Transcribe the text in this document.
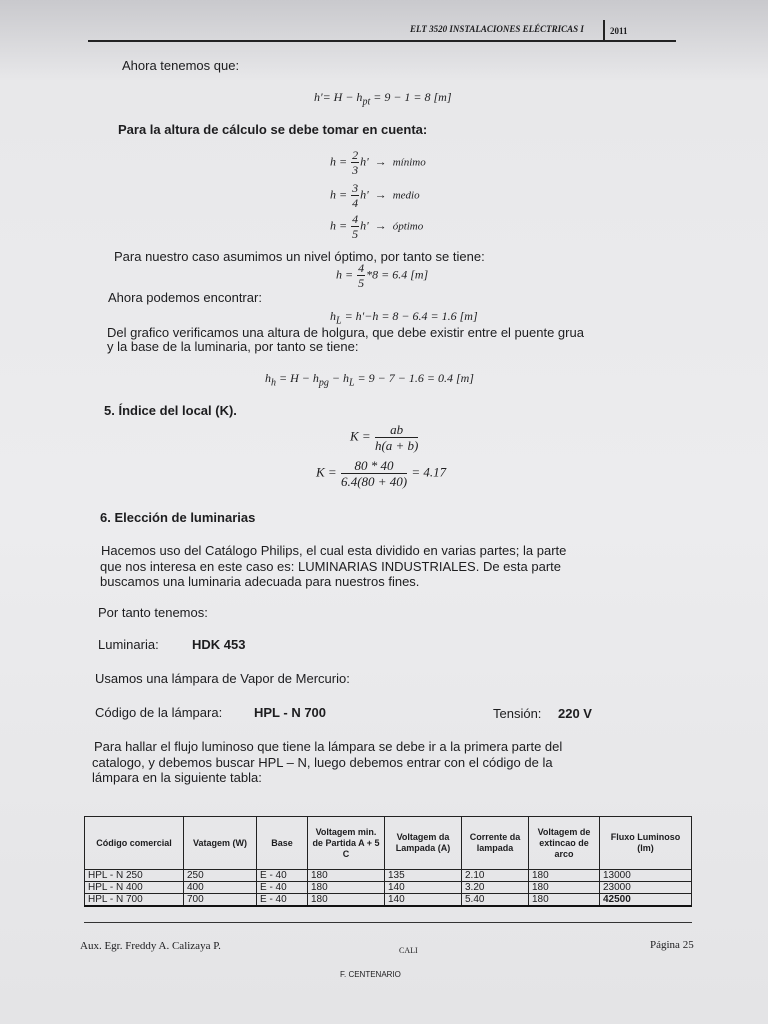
ELT 3520 INSTALACIONES ELÉCTRICAS I	2011
Ahora tenemos que:
$h'= H - h_{pt} = 9 - 1 = 8$ [m]
Para la altura de cálculo se debe tomar en cuenta:
$h = \frac{2}{3} h'$  →  mínimo
$h = \frac{3}{4} h'$  →  medio
$h = \frac{4}{5} h'$  →  óptimo
Para nuestro caso asumimos un nivel óptimo, por tanto se tiene:
$h = \frac{4}{5} *8 = 6.4$ [m]
Ahora podemos encontrar:
$h_L = h'-h = 8 - 6.4 = 1.6$ [m]
Del grafico verificamos una altura de holgura, que debe existir entre el puente grua
y la base de la luminaria, por tanto se tiene:
$h_h = H - h_{pg} - h_L = 9 - 7 - 1.6 = 0.4$ [m]
5. Índice del local (K).
$K = \frac{ab}{h(a + b)}$
$K = \frac{80 * 40}{6.4(80 + 40)} = 4.17$
6. Elección de luminarias
Hacemos uso del Catálogo Philips, el cual esta dividido en varias partes; la parte
que nos interesa en este caso es: LUMINARIAS INDUSTRIALES. De esta parte
buscamos una luminaria adecuada para nuestros fines.
Por tanto tenemos:
Luminaria:	HDK 453
Usamos una lámpara de Vapor de Mercurio:
Código de la lámpara: HPL - N 700	Tensión: 220 V
Para hallar el flujo luminoso que tiene la lámpara se debe ir a la primera parte del
catalogo, y debemos buscar HPL – N, luego debemos entrar con el código de la
lámpara en la siguiente tabla:
Código comercial	Vatagem (W)	Base	Voltagem min. de Partida A + 5 C	Voltagem da Lampada (A)	Corrente da lampada	Voltagem de extincao de arco	Fluxo Luminoso (lm)
HPL - N 250	250	E - 40	180	135	2.10	180	13000
HPL - N 400	400	E - 40	180	140	3.20	180	23000
HPL - N 700	700	E - 40	180	140	5.40	180	42500
Aux. Egr. Freddy A. Calizaya P.	CALI	Página 25
F. CENTENARIO
